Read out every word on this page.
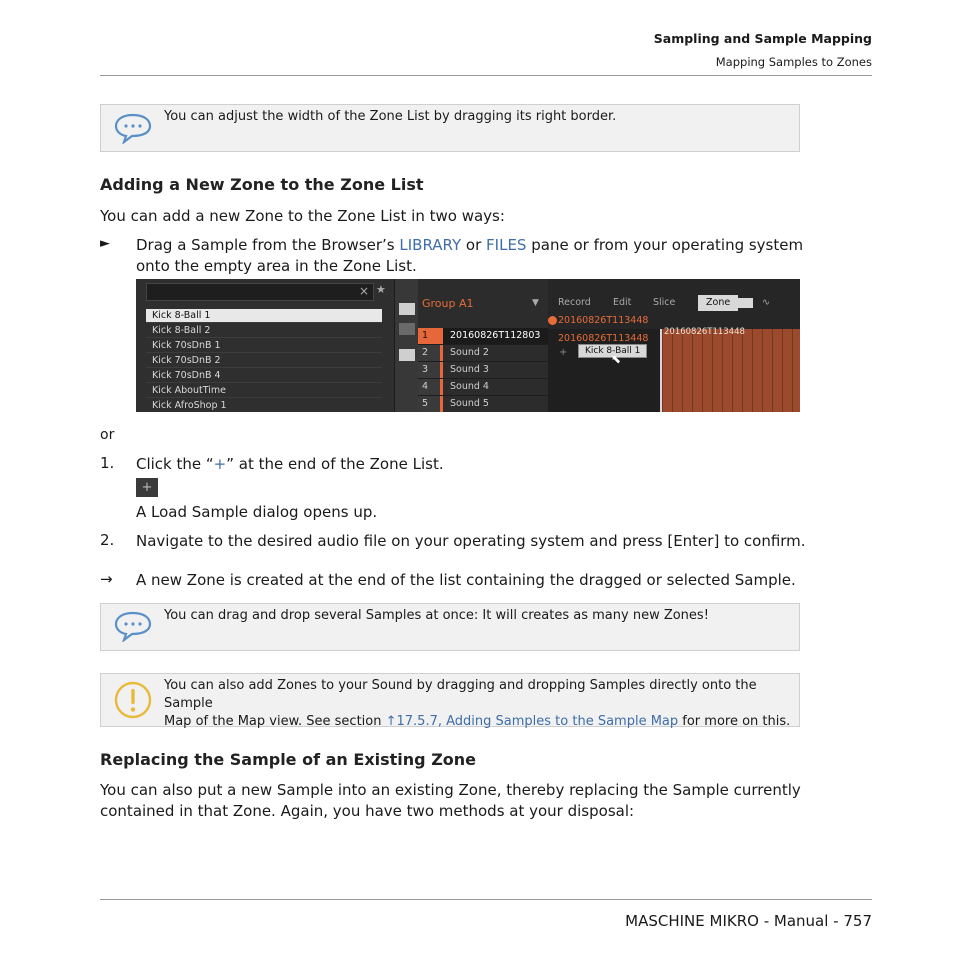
Sampling and Sample Mapping
Mapping Samples to Zones
You can adjust the width of the Zone List by dragging its right border.
Adding a New Zone to the Zone List
You can add a new Zone to the Zone List in two ways:
► Drag a Sample from the Browser’s LIBRARY or FILES pane or from your operating system
onto the empty area in the Zone List.
× ★
Kick 8-Ball 1
Kick 8-Ball 2
Kick 70sDnB 1
Kick 70sDnB 2
Kick 70sDnB 4
Kick AboutTime
Kick AfroShop 1
Group A1	▼
1	20160826T112803
2	Sound 2
3	Sound 3
4	Sound 4
5	Sound 5
Record Edit Slice	Zone	∿
20160826T113448
20160826T113448
+	Kick 8-Ball 1
⬉
20160826T113448
or
1. Click the “+” at the end of the Zone List.
+
A Load Sample dialog opens up.
2. Navigate to the desired audio file on your operating system and press [Enter] to confirm.
→ A new Zone is created at the end of the list containing the dragged or selected Sample.
You can drag and drop several Samples at once: It will creates as many new Zones!
You can also add Zones to your Sound by dragging and dropping Samples directly onto the Sample
Map of the Map view. See section ↑17.5.7, Adding Samples to the Sample Map for more on this.
Replacing the Sample of an Existing Zone
You can also put a new Sample into an existing Zone, thereby replacing the Sample currently
contained in that Zone. Again, you have two methods at your disposal:
MASCHINE MIKRO - Manual - 757
